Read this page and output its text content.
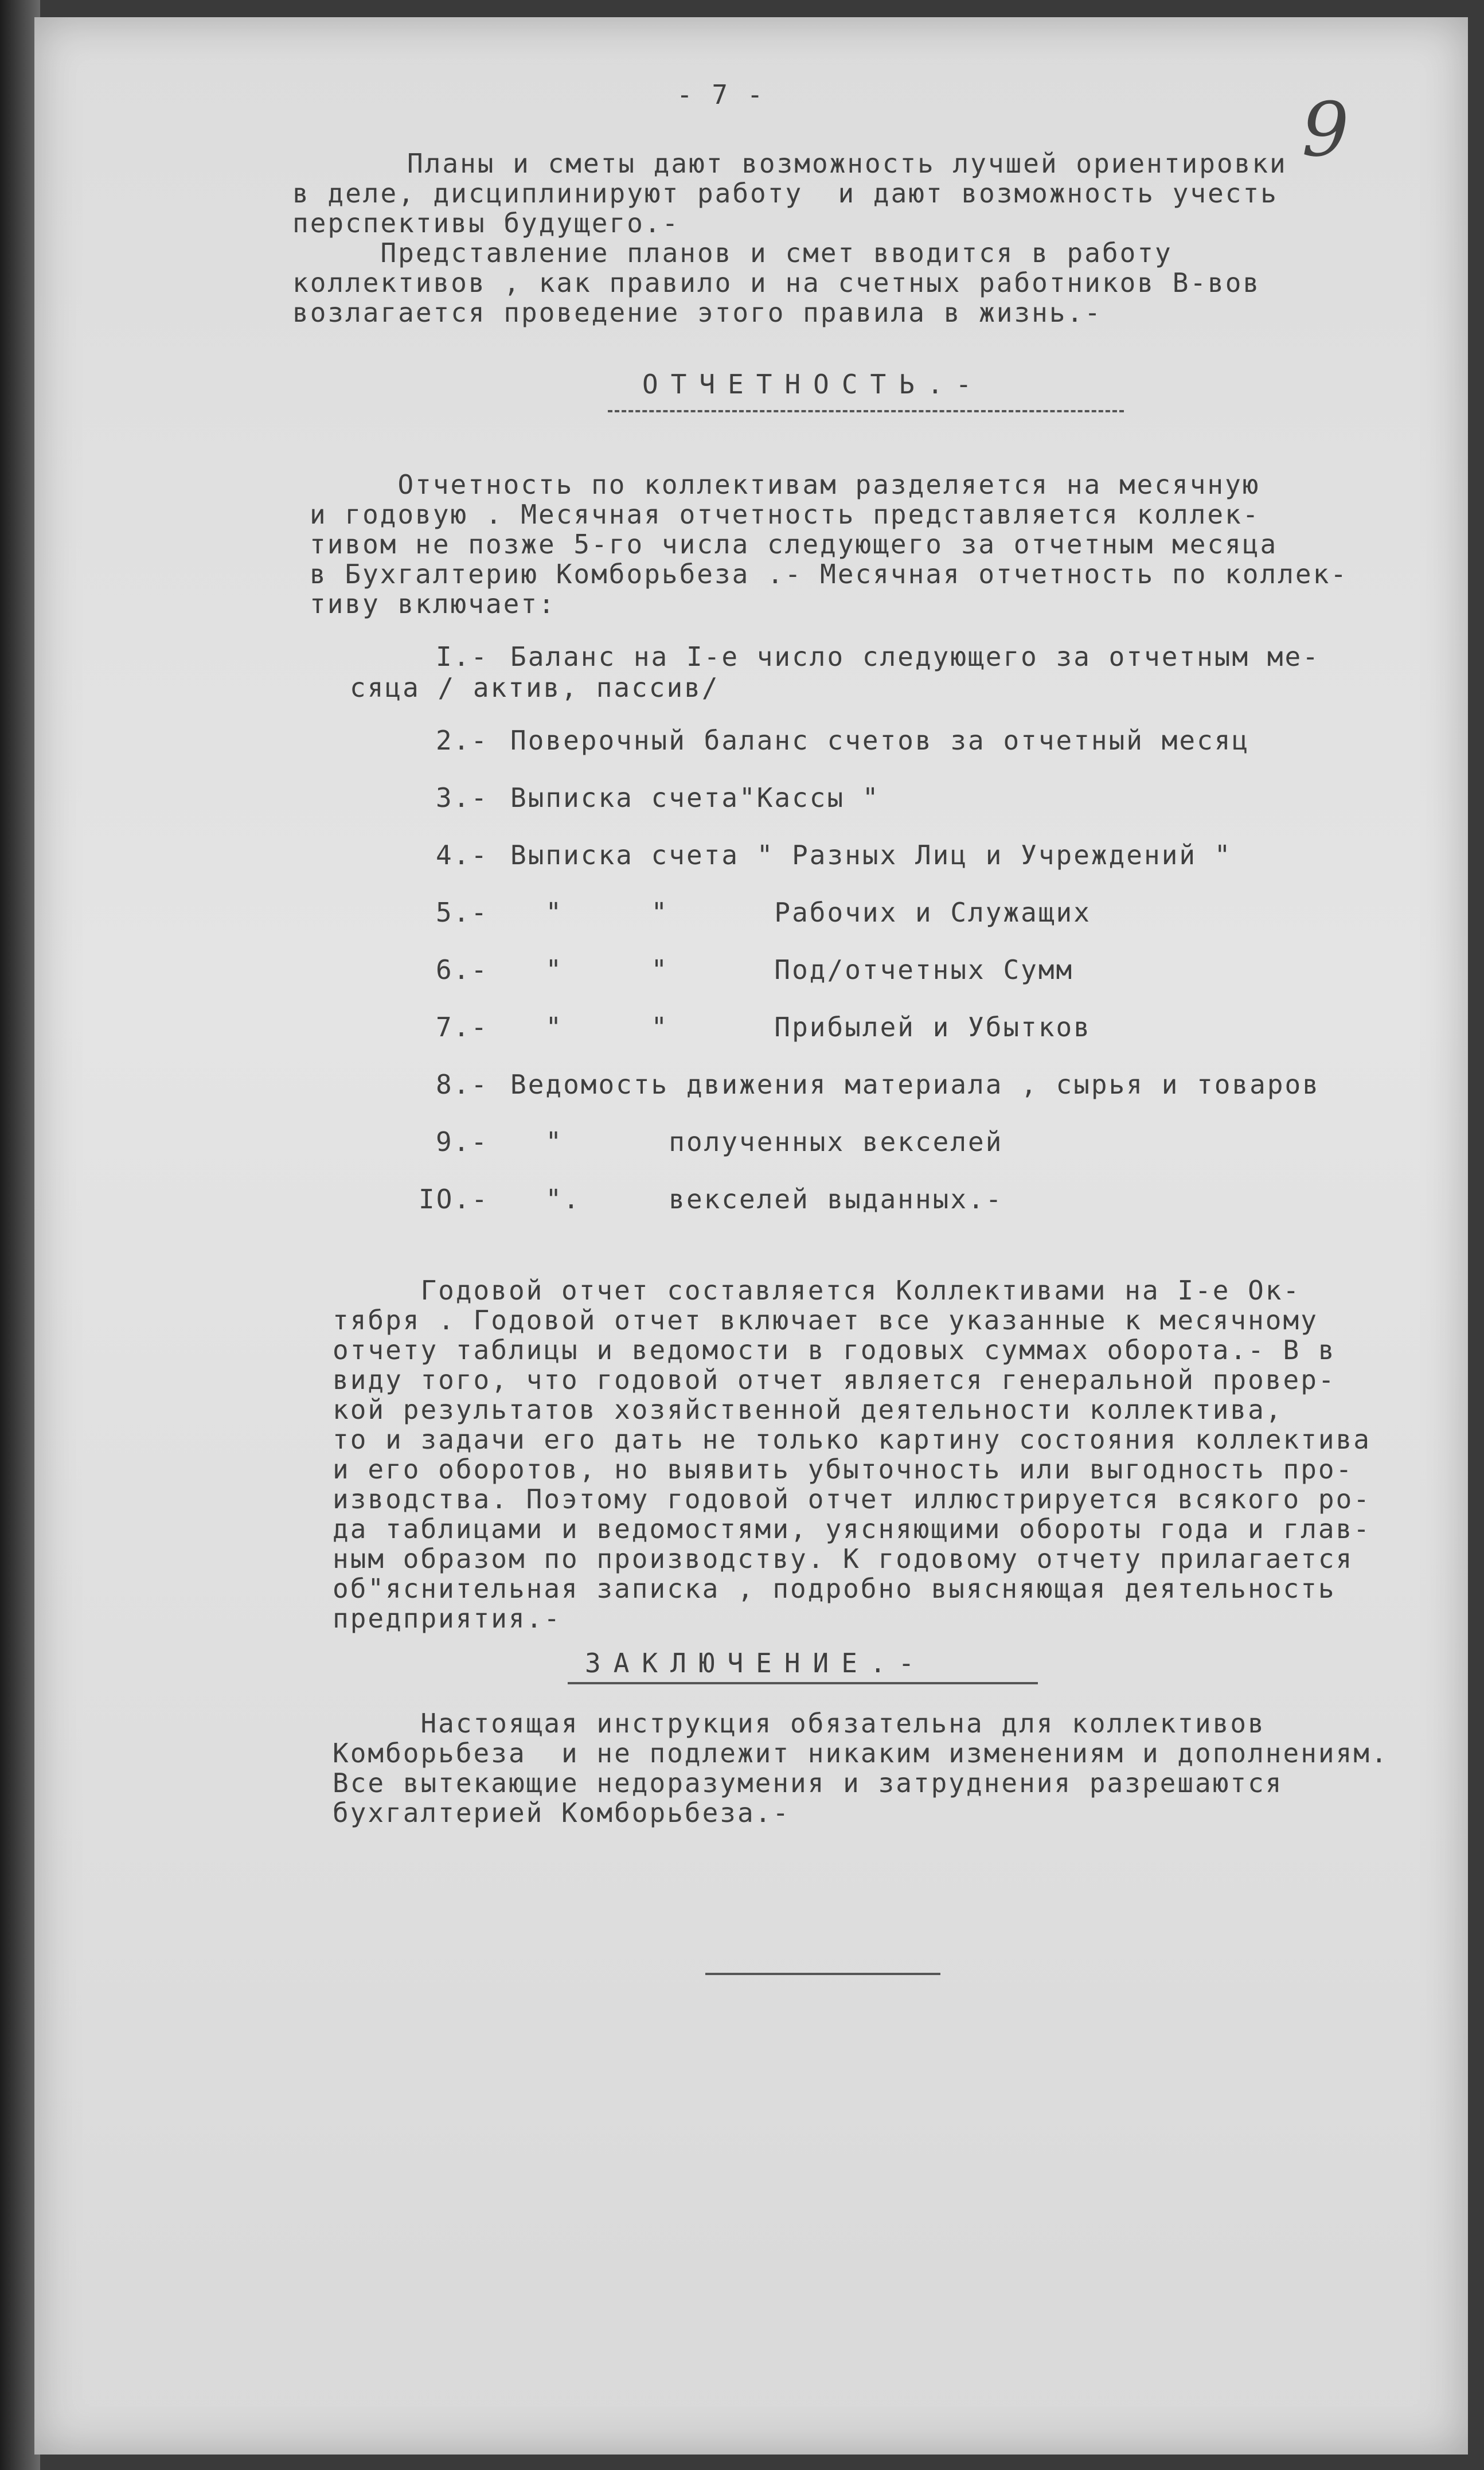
- 7 -	9
Планы и сметы дают возможность лучшей ориентировки
в деле, дисциплинируют работу  и дают возможность учесть
перспективы будущего.-
Представление планов и смет вводится в работу
коллективов , как правило и на счетных работников В-вов
возлагается проведение этого правила в жизнь.-
ОТЧЕТНОСТЬ.-
Отчетность по коллективам разделяется на месячную
и годовую . Месячная отчетность представляется коллек-
тивом не позже 5-го числа следующего за отчетным месяца
в Бухгалтерию Комборьбеза .- Месячная отчетность по коллек-
тиву включает:
I.- Баланс на I-е число следующего за отчетным ме-
сяца / актив, пассив/
2.- Поверочный баланс счетов за отчетный месяц
3.- Выписка счета"Кассы "
4.- Выписка счета " Разных Лиц и Учреждений "
5.- "     "      Рабочих и Служащих
6.- "     "      Под/отчетных Сумм
7.- "     "      Прибылей и Убытков
8.- Ведомость движения материала , сырья и товаров
9.- "      полученных векселей
IO.- ".     векселей выданных.-
Годовой отчет составляется Коллективами на I-е Ок-
тября . Годовой отчет включает все указанные к месячному
отчету таблицы и ведомости в годовых суммах оборота.- В в
виду того, что годовой отчет является генеральной провер-
кой результатов хозяйственной деятельности коллектива,
то и задачи его дать не только картину состояния коллектива
и его оборотов, но выявить убыточность или выгодность про-
изводства. Поэтому годовой отчет иллюстрируется всякого ро-
да таблицами и ведомостями, уясняющими обороты года и глав-
ным образом по производству. К годовому отчету прилагается
об"яснительная записка , подробно выясняющая деятельность
предприятия.-
ЗАКЛЮЧЕНИЕ.-
Настоящая инструкция обязательна для коллективов
Комборьбеза  и не подлежит никаким изменениям и дополнениям.
Все вытекающие недоразумения и затруднения разрешаются
бухгалтерией Комборьбеза.-
